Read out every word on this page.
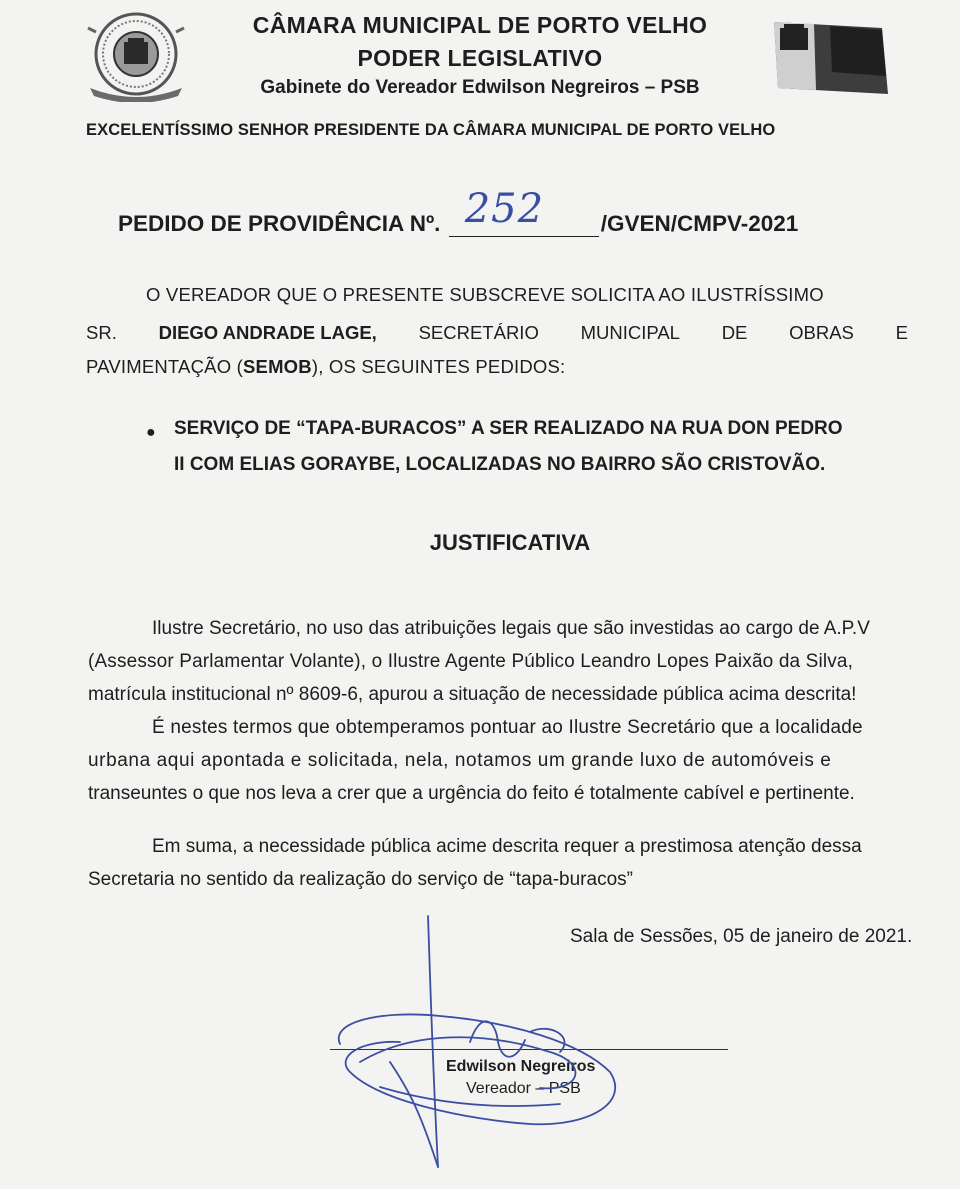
CÂMARA MUNICIPAL DE PORTO VELHO
PODER LEGISLATIVO
Gabinete do Vereador Edwilson Negreiros – PSB
EXCELENTÍSSIMO SENHOR PRESIDENTE DA CÂMARA MUNICIPAL DE PORTO VELHO
PEDIDO DE PROVIDÊNCIA Nº. 252	/GVEN/CMPV-2021
O VEREADOR QUE O PRESENTE SUBSCREVE SOLICITA AO ILUSTRÍSSIMO
SR. DIEGO ANDRADE LAGE, SECRETÁRIO MUNICIPAL DE OBRAS E
PAVIMENTAÇÃO (SEMOB), OS SEGUINTES PEDIDOS:
● SERVIÇO DE “TAPA-BURACOS” A SER REALIZADO NA RUA DON PEDRO
II COM ELIAS GORAYBE, LOCALIZADAS NO BAIRRO SÃO CRISTOVÃO.
JUSTIFICATIVA
Ilustre Secretário, no uso das atribuições legais que são investidas ao cargo de A.P.V
(Assessor Parlamentar Volante), o Ilustre Agente Público Leandro Lopes Paixão da Silva,
matrícula institucional nº 8609-6, apurou a situação de necessidade pública acima descrita!
É nestes termos que obtemperamos pontuar ao Ilustre Secretário que a localidade
urbana aqui apontada e solicitada, nela, notamos um grande luxo de automóveis e
transeuntes o que nos leva a crer que a urgência do feito é totalmente cabível e pertinente.
Em suma, a necessidade pública acime descrita requer a prestimosa atenção dessa
Secretaria no sentido da realização do serviço de “tapa-buracos”
Sala de Sessões, 05 de janeiro de 2021.
Edwilson Negreiros
Vereador – PSB
